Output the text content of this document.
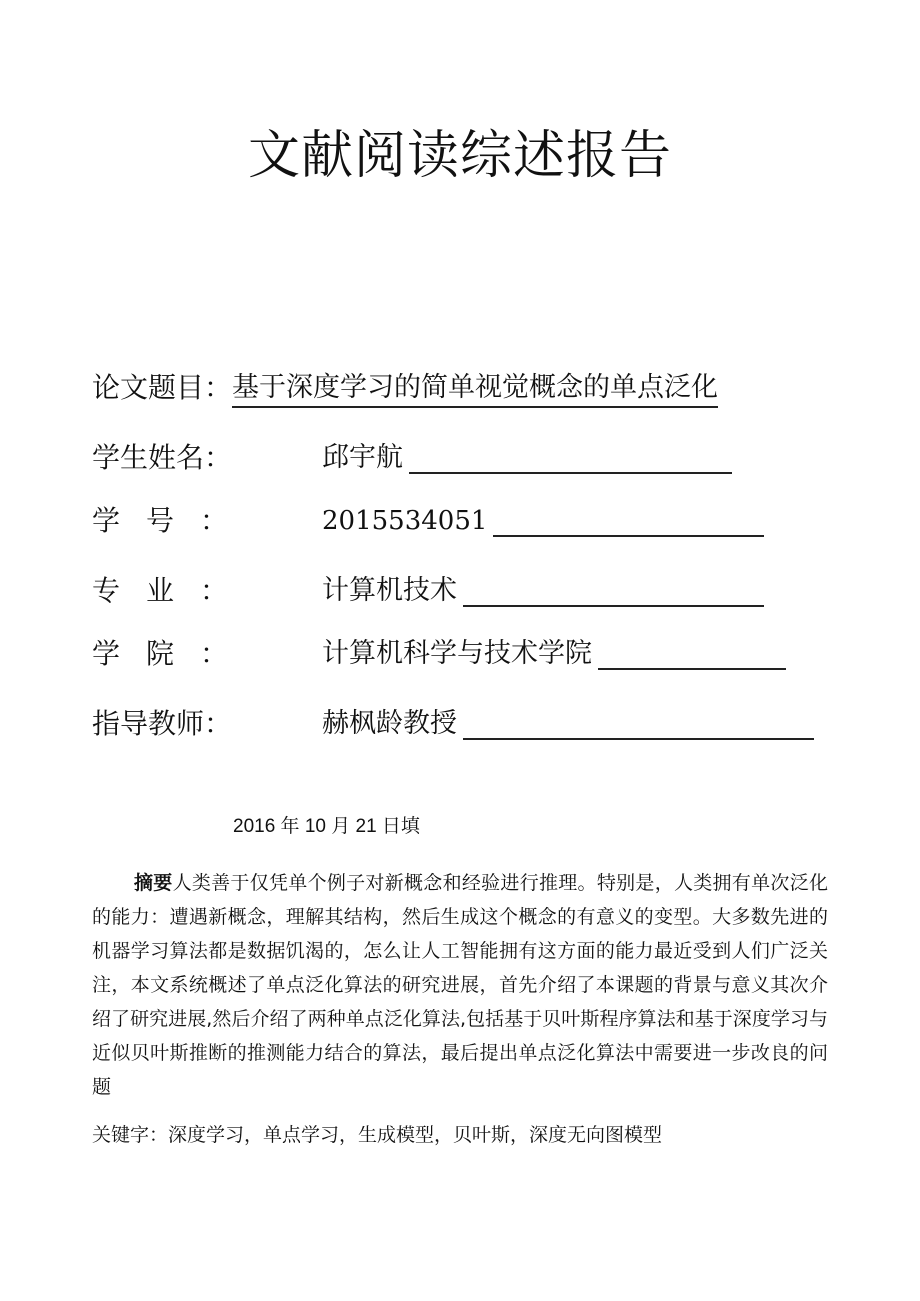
文献阅读综述报告
论文题目： 基于深度学习的简单视觉概念的单点泛化
学生姓名：	邱宇航
学号：	2015534051
专业：	计算机技术
学院：	计算机科学与技术学院
指导教师：	赫枫龄教授
2016 年 10 月 21 日填

摘要人类善于仅凭单个例子对新概念和经验进行推理。特别是，人类拥有单次泛化的能力：遭遇新概念，理解其结构，然后生成这个概念的有意义的变型。大多数先进的机器学习算法都是数据饥渴的，怎么让人工智能拥有这方面的能力最近受到人们广泛关注，本文系统概述了单点泛化算法的研究进展，首先介绍了本课题的背景与意义其次介绍了研究进展,然后介绍了两种单点泛化算法,包括基于贝叶斯程序算法和基于深度学习与近似贝叶斯推断的推测能力结合的算法，最后提出单点泛化算法中需要进一步改良的问题

关键字：深度学习，单点学习，生成模型，贝叶斯，深度无向图模型
